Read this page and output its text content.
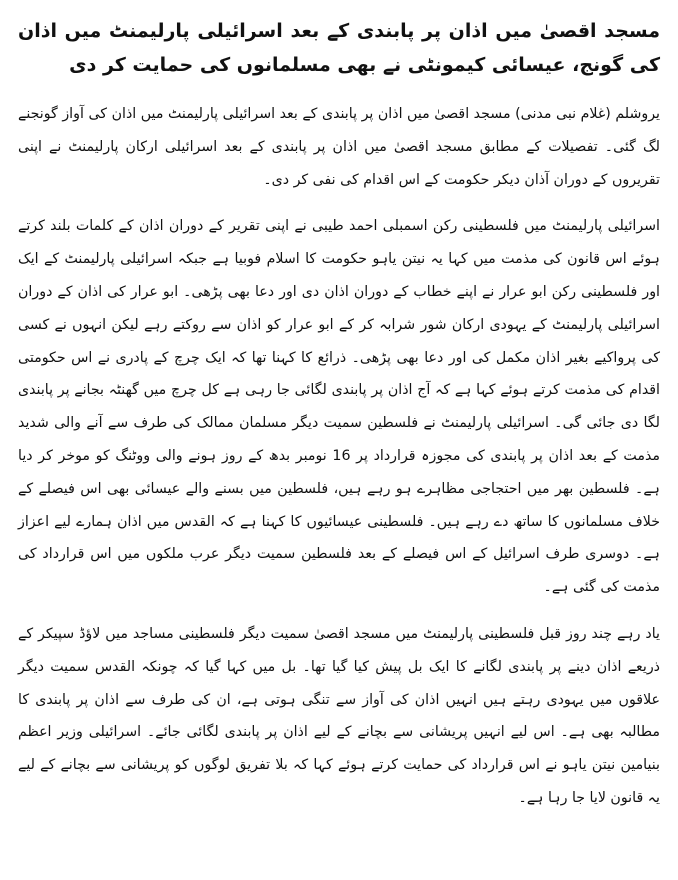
مسجد اقصیٰ میں اذان پر پابندی کے بعد اسرائیلی پارلیمنٹ میں اذان کی گونج، عیسائی کیمونٹی نے بھی مسلمانوں کی حمایت کر دی

یروشلم (غلام نبی مدنی) مسجد اقصیٰ میں اذان پر پابندی کے بعد اسرائیلی پارلیمنٹ میں اذان کی آواز گونجنے لگ گئی۔ تفصیلات کے مطابق مسجد اقصیٰ میں اذان پر پابندی کے بعد اسرائیلی ارکان پارلیمنٹ نے اپنی تقریروں کے دوران آذان دیکر حکومت کے اس اقدام کی نفی کر دی۔

اسرائیلی پارلیمنٹ میں فلسطینی رکن اسمبلی احمد طیبی نے اپنی تقریر کے دوران اذان کے کلمات بلند کرتے ہوئے اس قانون کی مذمت میں کہا یہ نیتن یاہو حکومت کا اسلام فوبیا ہے جبکہ اسرائیلی پارلیمنٹ کے ایک اور فلسطینی رکن ابو عرار نے اپنے خطاب کے دوران اذان دی اور دعا بھی پڑھی۔ ابو عرار کی اذان کے دوران اسرائیلی پارلیمنٹ کے یہودی ارکان شور شرابہ کر کے ابو عرار کو اذان سے روکتے رہے لیکن انہوں نے کسی کی پرواکیے بغیر اذان مکمل کی اور دعا بھی پڑھی۔ ذرائع کا کہنا تھا کہ ایک چرچ کے پادری نے اس حکومتی اقدام کی مذمت کرتے ہوئے کہا ہے کہ آج اذان پر پابندی لگائی جا رہی ہے کل چرچ میں گھنٹہ بجانے پر پابندی لگا دی جائی گی۔ اسرائیلی پارلیمنٹ نے فلسطین سمیت دیگر مسلمان ممالک کی طرف سے آنے والی شدید مذمت کے بعد اذان پر پابندی کی مجوزہ قرارداد پر 16 نومبر بدھ کے روز ہونے والی ووٹنگ کو موخر کر دیا ہے۔ فلسطین بھر میں احتجاجی مظاہرے ہو رہے ہیں، فلسطین میں بسنے والے عیسائی بھی اس فیصلے کے خلاف مسلمانوں کا ساتھ دے رہے ہیں۔ فلسطینی عیسائیوں کا کہنا ہے کہ القدس میں اذان ہمارے لیے اعزاز ہے۔ دوسری طرف اسرائیل کے اس فیصلے کے بعد فلسطین سمیت دیگر عرب ملکوں میں اس قرارداد کی مذمت کی گئی ہے۔

یاد رہے چند روز قبل فلسطینی پارلیمنٹ میں مسجد اقصیٰ سمیت دیگر فلسطینی مساجد میں لاؤڈ سپیکر کے ذریعے اذان دینے پر پابندی لگانے کا ایک بل پیش کیا گیا تھا۔ بل میں کہا گیا کہ چونکہ القدس سمیت دیگر علاقوں میں یہودی رہتے ہیں انہیں اذان کی آواز سے تنگی ہوتی ہے، ان کی طرف سے اذان پر پابندی کا مطالبہ بھی ہے۔ اس لیے انہیں پریشانی سے بچانے کے لیے اذان پر پابندی لگائی جائے۔ اسرائیلی وزیر اعظم بنیامین نیتن یاہو نے اس قرارداد کی حمایت کرتے ہوئے کہا کہ بلا تفریق لوگوں کو پریشانی سے بچانے کے لیے یہ قانون لایا جا رہا ہے۔
